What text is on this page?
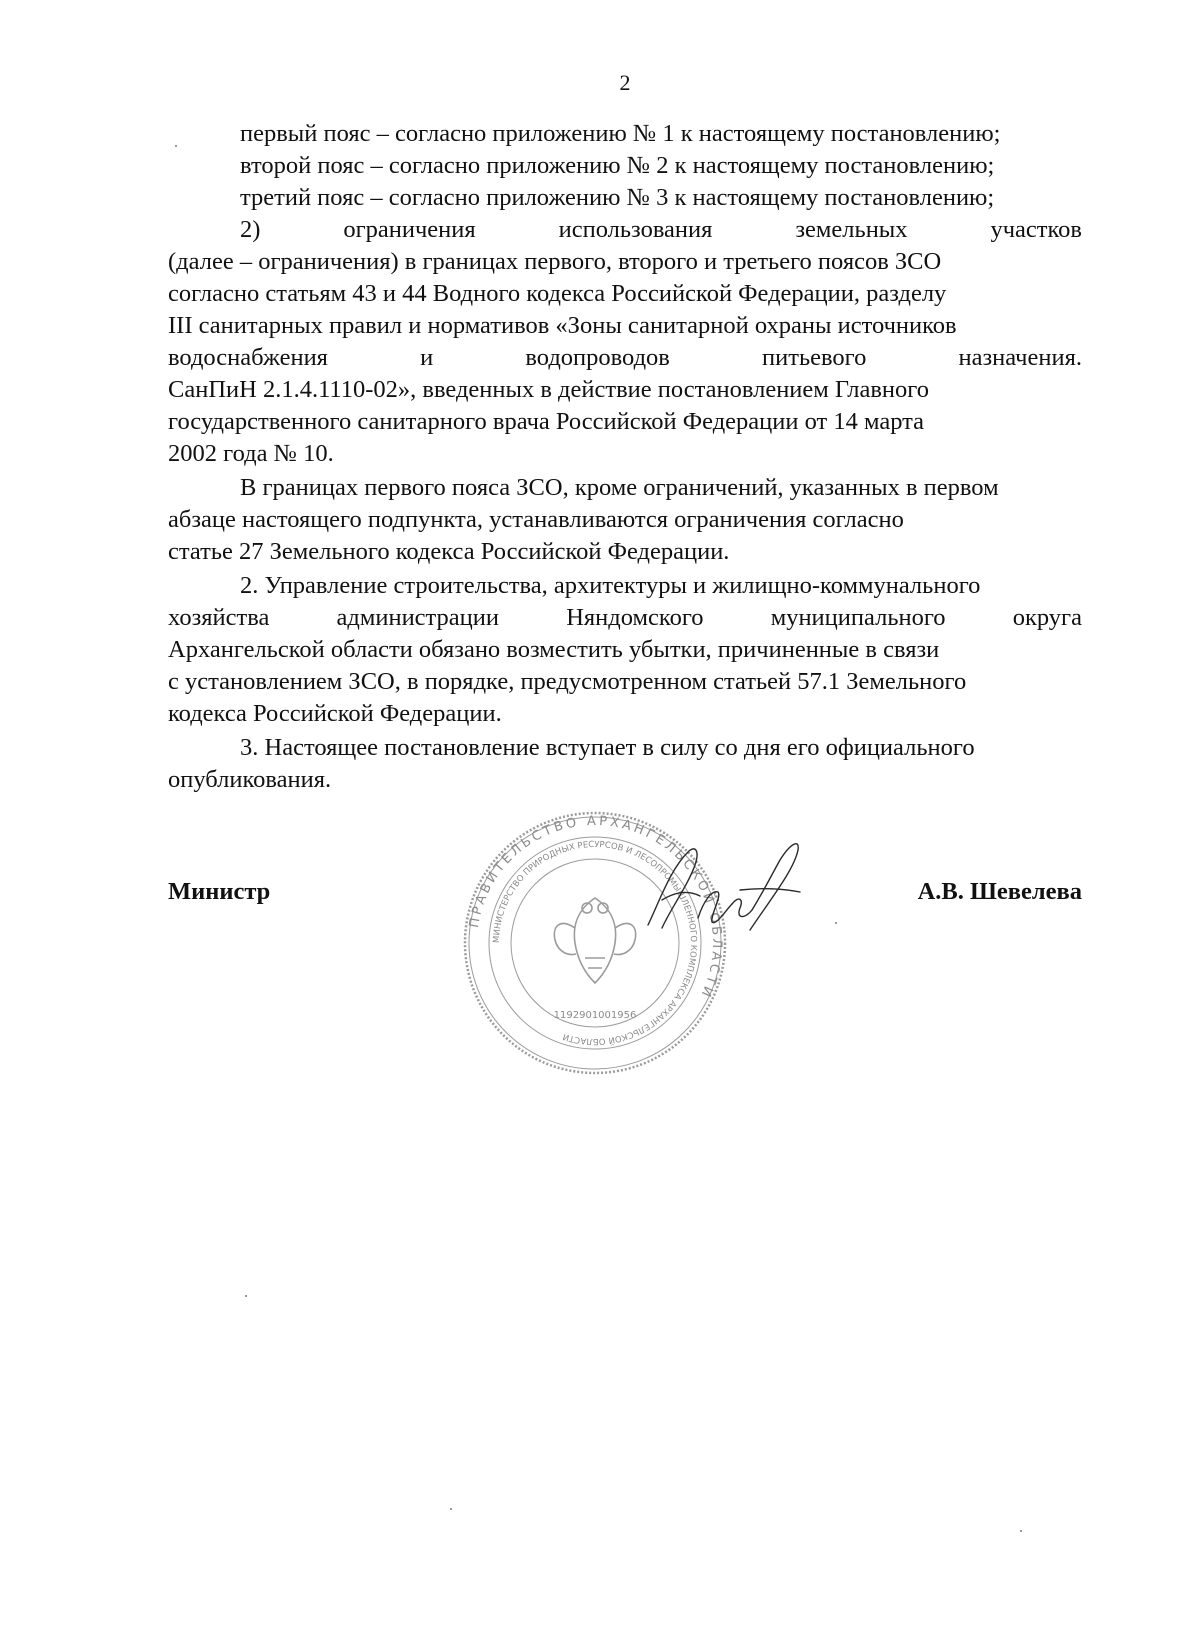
2
первый пояс – согласно приложению № 1 к настоящему постановлению;
второй пояс – согласно приложению № 2 к настоящему постановлению;
третий пояс – согласно приложению № 3 к настоящему постановлению;
2)	ограничения	использования	земельных	участков
(далее – ограничения) в границах первого, второго и третьего поясов ЗСО
согласно статьям 43 и 44 Водного кодекса Российской Федерации, разделу
III санитарных правил и нормативов «Зоны санитарной охраны источников
водоснабжения	и	водопроводов	питьевого	назначения.
СанПиН 2.1.4.1110-02», введенных в действие постановлением Главного
государственного санитарного врача Российской Федерации от 14 марта
2002 года № 10.
В границах первого пояса ЗСО, кроме ограничений, указанных в первом
абзаце настоящего подпункта, устанавливаются ограничения согласно
статье 27 Земельного кодекса Российской Федерации.
2. Управление строительства, архитектуры и жилищно-коммунального
хозяйства	администрации	Няндомского	муниципального	округа
Архангельской области обязано возместить убытки, причиненные в связи
с установлением ЗСО, в порядке, предусмотренном статьей 57.1 Земельного
кодекса Российской Федерации.
3. Настоящее постановление вступает в силу со дня его официального
опубликования.
ПРАВИТЕЛЬСТВО АРХАНГЕЛЬСКОЙ ОБЛАСТИ
МИНИСТЕРСТВО ПРИРОДНЫХ РЕСУРСОВ И ЛЕСОПРОМЫШЛЕННОГО КОМПЛЕКСА АРХАНГЕЛЬСКОЙ ОБЛАСТИ
1192901001956
Министр	А.В. Шевелева
